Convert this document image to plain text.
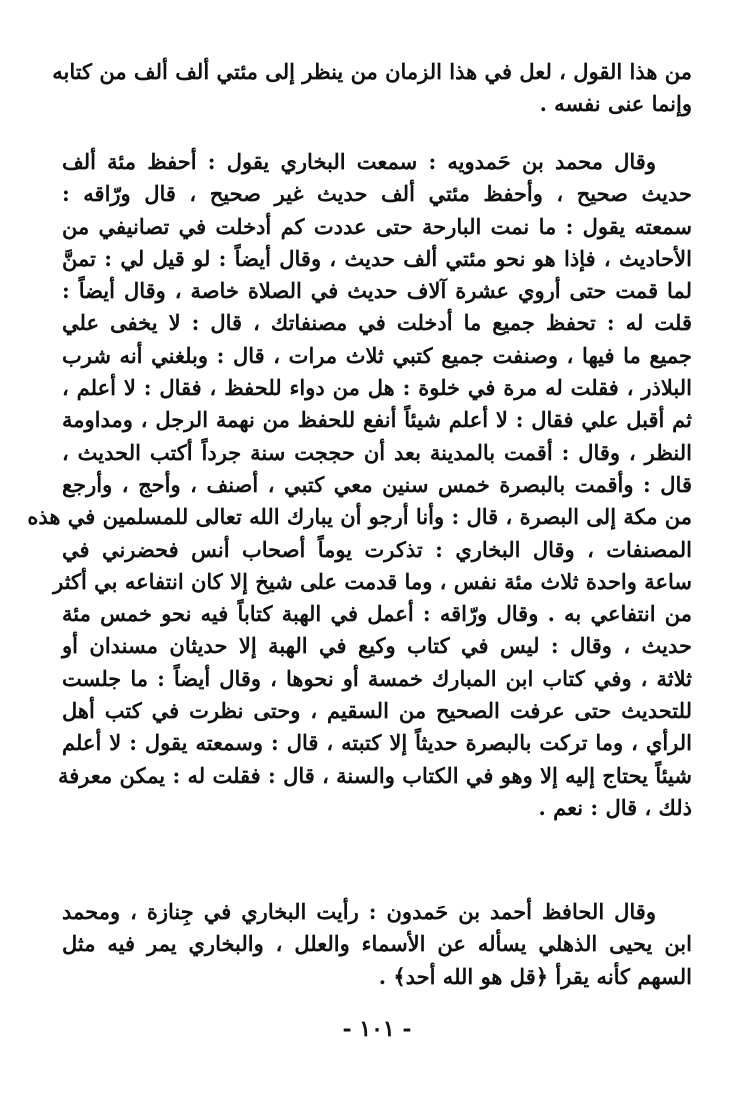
من هذا القول ، لعل في هذا الزمان من ينظر إلى مئتي ألف ألف من كتابه
وإنما عنى نفسه .
وقال محمد بن حَمدويه : سمعت البخاري يقول : أحفظ مئة ألف
حديث صحيح ، وأحفظ مئتي ألف حديث غير صحيح ، قال ورّاقه :
سمعته يقول : ما نمت البارحة حتى عددت كم أدخلت في تصانيفي من
الأحاديث ، فإذا هو نحو مئتي ألف حديث ، وقال أيضاً : لو قيل لي : تمنَّ
لما قمت حتى أروي عشرة آلاف حديث في الصلاة خاصة ، وقال أيضاً :
قلت له : تحفظ جميع ما أدخلت في مصنفاتك ، قال : لا يخفى علي
جميع ما فيها ، وصنفت جميع كتبي ثلاث مرات ، قال : وبلغني أنه شرب
البلاذر ، فقلت له مرة في خلوة : هل من دواء للحفظ ، فقال : لا أعلم ،
ثم أقبل علي فقال : لا أعلم شيئاً أنفع للحفظ من نهمة الرجل ، ومداومة
النظر ، وقال : أقمت بالمدينة بعد أن حججت سنة جرداً أكتب الحديث ،
قال : وأقمت بالبصرة خمس سنين معي كتبي ، أصنف ، وأحج ، وأرجع
من مكة إلى البصرة ، قال : وأنا أرجو أن يبارك الله تعالى للمسلمين في هذه
المصنفات ، وقال البخاري : تذكرت يوماً أصحاب أنس فحضرني في
ساعة واحدة ثلاث مئة نفس ، وما قدمت على شيخ إلا كان انتفاعه بي أكثر
من انتفاعي به . وقال ورّاقه : أعمل في الهبة كتاباً فيه نحو خمس مئة
حديث ، وقال : ليس في كتاب وكيع في الهبة إلا حديثان مسندان أو
ثلاثة ، وفي كتاب ابن المبارك خمسة أو نحوها ، وقال أيضاً : ما جلست
للتحديث حتى عرفت الصحيح من السقيم ، وحتى نظرت في كتب أهل
الرأي ، وما تركت بالبصرة حديثاً إلا كتبته ، قال : وسمعته يقول : لا أعلم
شيئاً يحتاج إليه إلا وهو في الكتاب والسنة ، قال : فقلت له : يمكن معرفة
ذلك ، قال : نعم .
وقال الحافظ أحمد بن حَمدون : رأيت البخاري في جِنازة ، ومحمد
ابن يحيى الذهلي يسأله عن الأسماء والعلل ، والبخاري يمر فيه مثل
السهم كأنه يقرأ ﴿قل هو الله أحد﴾ .
- ١٠١ -
